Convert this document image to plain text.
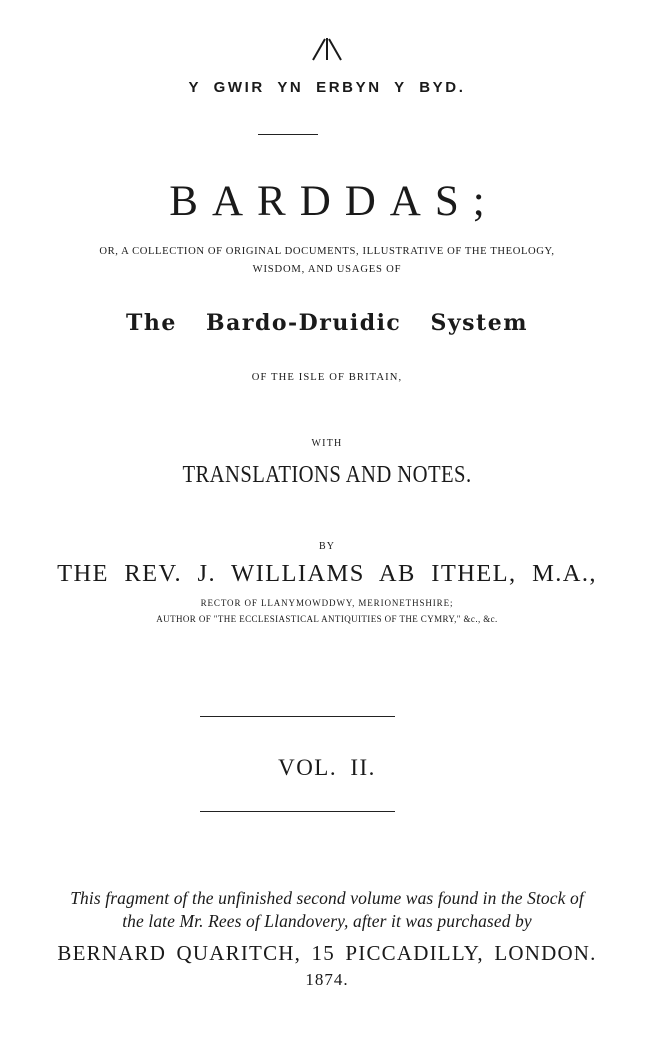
Y GWIR YN ERBYN Y BYD.
BARDDAS;
OR, A COLLECTION OF ORIGINAL DOCUMENTS, ILLUSTRATIVE OF THE THEOLOGY,
WISDOM, AND USAGES OF
The Bardo-Druidic System
OF THE ISLE OF BRITAIN,
WITH
TRANSLATIONS AND NOTES.
BY
THE REV. J. WILLIAMS AB ITHEL, M.A.,
RECTOR OF LLANYMOWDDWY, MERIONETHSHIRE;
AUTHOR OF "THE ECCLESIASTICAL ANTIQUITIES OF THE CYMRY," &c., &c.
VOL. II.
This fragment of the unfinished second volume was found in the Stock of
the late Mr. Rees of Llandovery, after it was purchased by
BERNARD QUARITCH, 15 PICCADILLY, LONDON.
1874.
